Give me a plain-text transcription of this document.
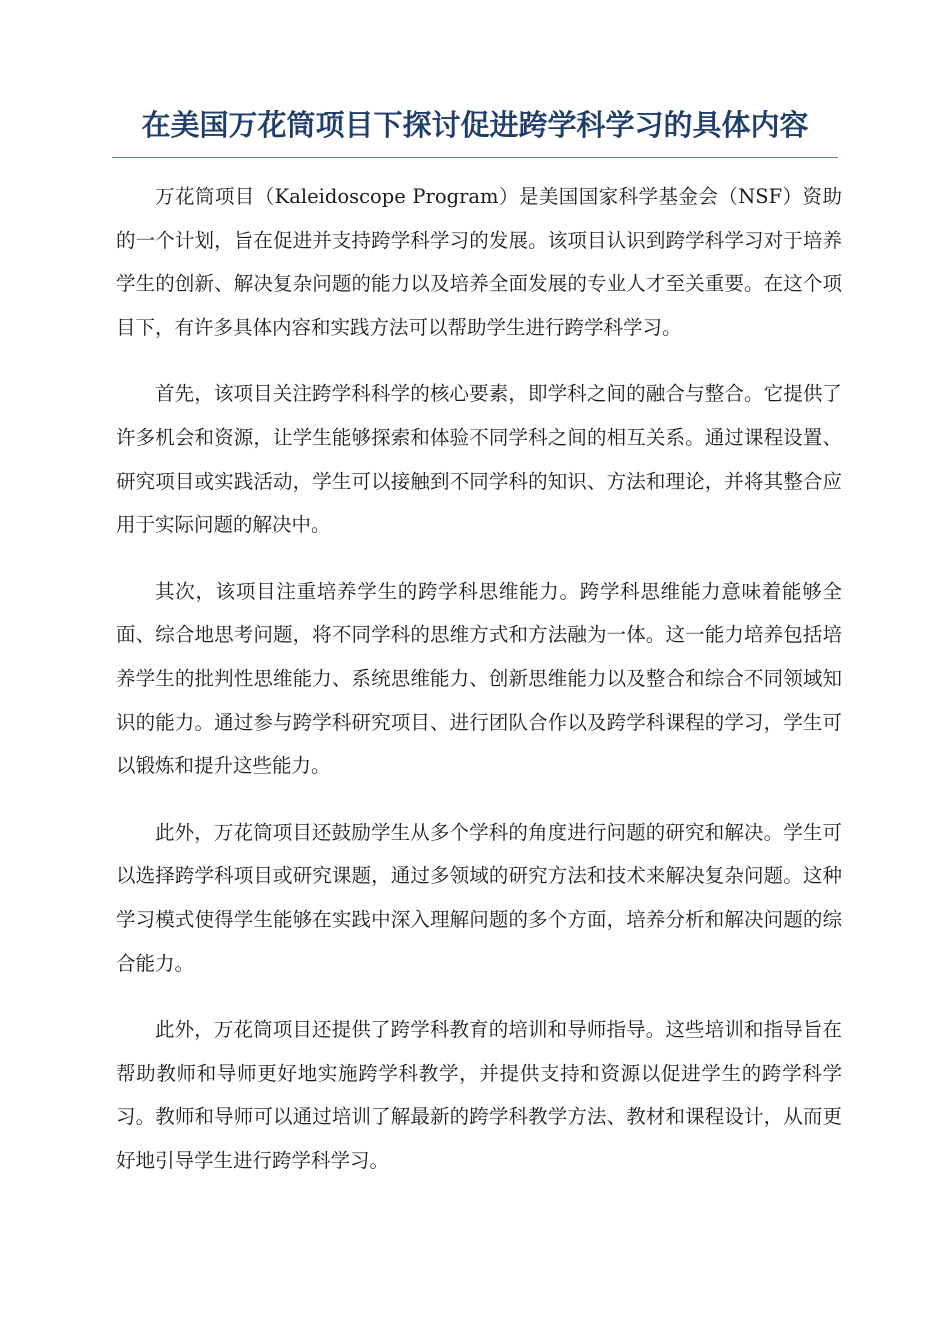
在美国万花筒项目下探讨促进跨学科学习的具体内容

万花筒项目（Kaleidoscope Program）是美国国家科学基金会（NSF）资助的一个计划，旨在促进并支持跨学科学习的发展。该项目认识到跨学科学习对于培养学生的创新、解决复杂问题的能力以及培养全面发展的专业人才至关重要。在这个项目下，有许多具体内容和实践方法可以帮助学生进行跨学科学习。

首先，该项目关注跨学科科学的核心要素，即学科之间的融合与整合。它提供了许多机会和资源，让学生能够探索和体验不同学科之间的相互关系。通过课程设置、研究项目或实践活动，学生可以接触到不同学科的知识、方法和理论，并将其整合应用于实际问题的解决中。

其次，该项目注重培养学生的跨学科思维能力。跨学科思维能力意味着能够全面、综合地思考问题，将不同学科的思维方式和方法融为一体。这一能力培养包括培养学生的批判性思维能力、系统思维能力、创新思维能力以及整合和综合不同领域知识的能力。通过参与跨学科研究项目、进行团队合作以及跨学科课程的学习，学生可以锻炼和提升这些能力。

此外，万花筒项目还鼓励学生从多个学科的角度进行问题的研究和解决。学生可以选择跨学科项目或研究课题，通过多领域的研究方法和技术来解决复杂问题。这种学习模式使得学生能够在实践中深入理解问题的多个方面，培养分析和解决问题的综合能力。

此外，万花筒项目还提供了跨学科教育的培训和导师指导。这些培训和指导旨在帮助教师和导师更好地实施跨学科教学，并提供支持和资源以促进学生的跨学科学习。教师和导师可以通过培训了解最新的跨学科教学方法、教材和课程设计，从而更好地引导学生进行跨学科学习。
